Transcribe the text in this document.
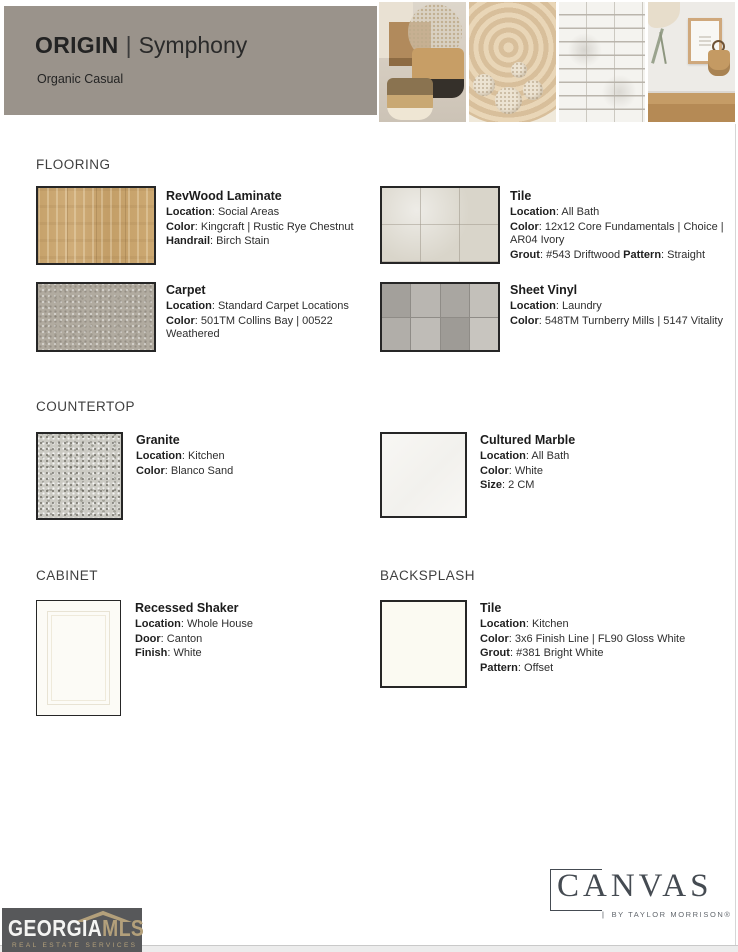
ORIGIN | Symphony
Organic Casual
FLOORING
RevWood Laminate
Location: Social Areas
Color: Kingcraft | Rustic Rye Chestnut
Handrail: Birch Stain
Tile
Location: All Bath
Color: 12x12 Core Fundamentals | Choice | AR04 Ivory
Grout: #543 Driftwood Pattern: Straight
Carpet
Location: Standard Carpet Locations
Color: 501TM Collins Bay | 00522 Weathered
Sheet Vinyl
Location: Laundry
Color: 548TM Turnberry Mills | 5147 Vitality
COUNTERTOP
Granite
Location: Kitchen
Color: Blanco Sand
Cultured Marble
Location: All Bath
Color: White
Size: 2 CM
CABINET
Recessed Shaker
Location: Whole House
Door: Canton
Finish: White
BACKSPLASH
Tile
Location: Kitchen
Color: 3x6 Finish Line | FL90 Gloss White
Grout: #381 Bright White
Pattern: Offset
CANVAS
| BY TAYLOR MORRISON®
GEORGIAMLS
REAL ESTATE SERVICES
